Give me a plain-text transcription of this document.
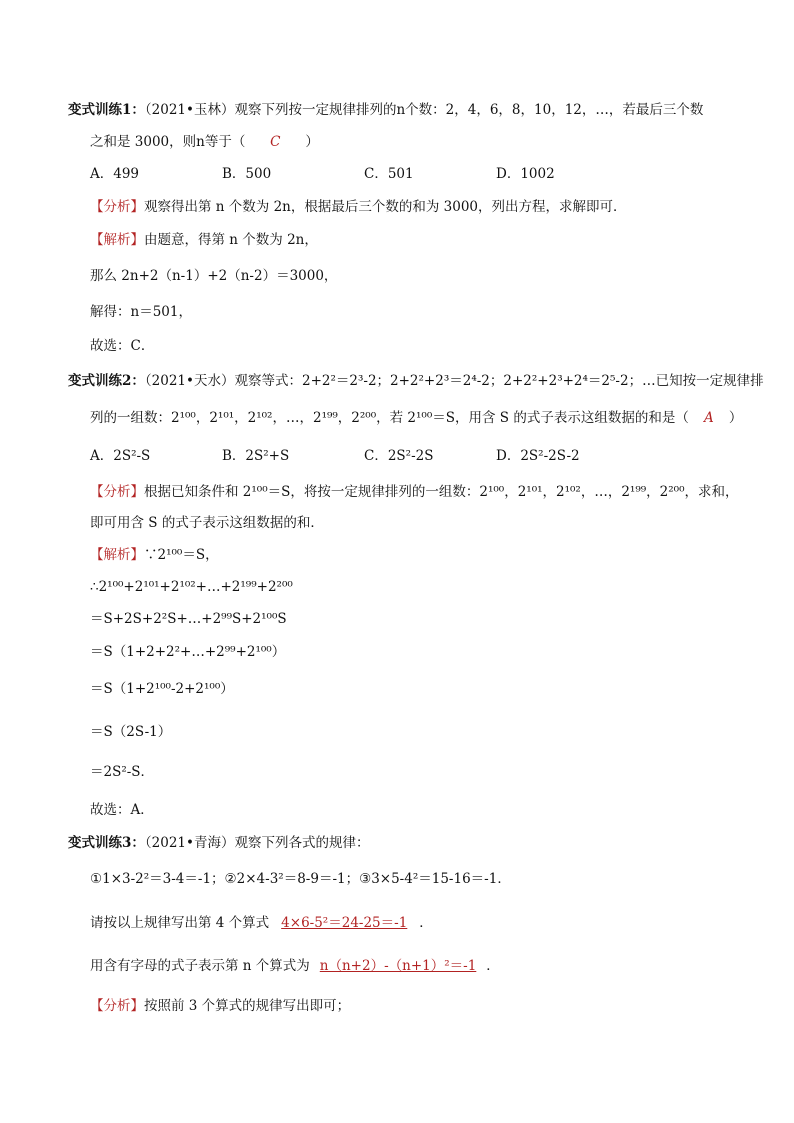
变式训练1：（2021•玉林）观察下列按一定规律排列的n个数：2，4，6，8，10，12，…，若最后三个数
之和是 3000，则n等于（ C ）
A．499	B．500	C．501	D．1002
【分析】观察得出第 n 个数为 2n，根据最后三个数的和为 3000，列出方程，求解即可．
【解析】由题意，得第 n 个数为 2n，
那么 2n+2（n-1）+2（n-2）＝3000，
解得：n＝501，
故选：C．
变式训练2：（2021•天水）观察等式：2+2²＝2³-2；2+2²+2³＝2⁴-2；2+2²+2³+2⁴＝2⁵-2；…已知按一定规律排
列的一组数：2¹⁰⁰，2¹⁰¹，2¹⁰²，…，2¹⁹⁹，2²⁰⁰，若 2¹⁰⁰＝S，用含 S 的式子表示这组数据的和是（ A ）
A．2S²-S	B．2S²+S	C．2S²-2S	D．2S²-2S-2
【分析】根据已知条件和 2¹⁰⁰＝S，将按一定规律排列的一组数：2¹⁰⁰，2¹⁰¹，2¹⁰²，…，2¹⁹⁹，2²⁰⁰，求和，
即可用含 S 的式子表示这组数据的和．
【解析】∵2¹⁰⁰＝S，
∴2¹⁰⁰+2¹⁰¹+2¹⁰²+…+2¹⁹⁹+2²⁰⁰
＝S+2S+2²S+…+2⁹⁹S+2¹⁰⁰S
＝S（1+2+2²+…+2⁹⁹+2¹⁰⁰）
＝S（1+2¹⁰⁰-2+2¹⁰⁰）
＝S（2S-1）
＝2S²-S．
故选：A．
变式训练3：（2021•青海）观察下列各式的规律：
①1×3-2²＝3-4＝-1；②2×4-3²＝8-9＝-1；③3×5-4²＝15-16＝-1．
请按以上规律写出第 4 个算式 4×6-5²＝24-25＝-1 ．
用含有字母的式子表示第 n 个算式为 n（n+2）-（n+1）²＝-1 ．
【分析】按照前 3 个算式的规律写出即可；
